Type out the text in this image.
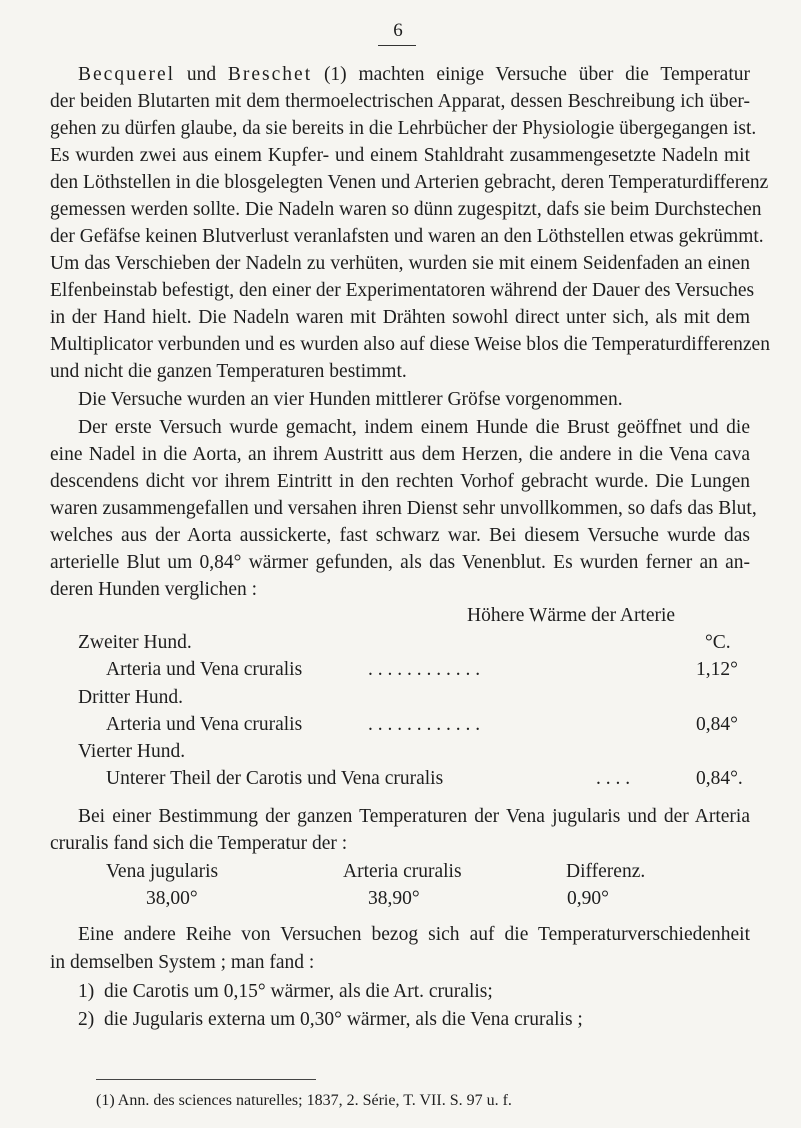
6
Becquerel und Breschet (1) machten einige Versuche über die Temperatur
der beiden Blutarten mit dem thermoelectrischen Apparat, dessen Beschreibung ich über-
gehen zu dürfen glaube, da sie bereits in die Lehrbücher der Physiologie übergegangen ist.
Es wurden zwei aus einem Kupfer- und einem Stahldraht zusammengesetzte Nadeln mit
den Löthstellen in die blosgelegten Venen und Arterien gebracht, deren Temperaturdifferenz
gemessen werden sollte. Die Nadeln waren so dünn zugespitzt, dafs sie beim Durchstechen
der Gefäfse keinen Blutverlust veranlafsten und waren an den Löthstellen etwas gekrümmt.
Um das Verschieben der Nadeln zu verhüten, wurden sie mit einem Seidenfaden an einen
Elfenbeinstab befestigt, den einer der Experimentatoren während der Dauer des Versuches
in der Hand hielt. Die Nadeln waren mit Drähten sowohl direct unter sich, als mit dem
Multiplicator verbunden und es wurden also auf diese Weise blos die Temperaturdifferenzen
und nicht die ganzen Temperaturen bestimmt.
Die Versuche wurden an vier Hunden mittlerer Gröfse vorgenommen.
Der erste Versuch wurde gemacht, indem einem Hunde die Brust geöffnet und die
eine Nadel in die Aorta, an ihrem Austritt aus dem Herzen, die andere in die Vena cava
descendens dicht vor ihrem Eintritt in den rechten Vorhof gebracht wurde. Die Lungen
waren zusammengefallen und versahen ihren Dienst sehr unvollkommen, so dafs das Blut,
welches aus der Aorta aussickerte, fast schwarz war. Bei diesem Versuche wurde das
arterielle Blut um 0,84° wärmer gefunden, als das Venenblut. Es wurden ferner an an-
deren Hunden verglichen :
Höhere Wärme der Arterie
Zweiter Hund.	°C.
Arteria und Vena cruralis	. . . . . . . . . . . .	1,12°
Dritter Hund.
Arteria und Vena cruralis	. . . . . . . . . . . .	0,84°
Vierter Hund.
Unterer Theil der Carotis und Vena cruralis	. . . .	0,84°.
Bei einer Bestimmung der ganzen Temperaturen der Vena jugularis und der Arteria
cruralis fand sich die Temperatur der :
Vena jugularis	Arteria cruralis	Differenz.
38,00°	38,90°	0,90°
Eine andere Reihe von Versuchen bezog sich auf die Temperaturverschiedenheit
in demselben System ; man fand :
1)  die Carotis um 0,15° wärmer, als die Art. cruralis;
2)  die Jugularis externa um 0,30° wärmer, als die Vena cruralis ;
(1) Ann. des sciences naturelles; 1837, 2. Série, T. VII. S. 97 u. f.
